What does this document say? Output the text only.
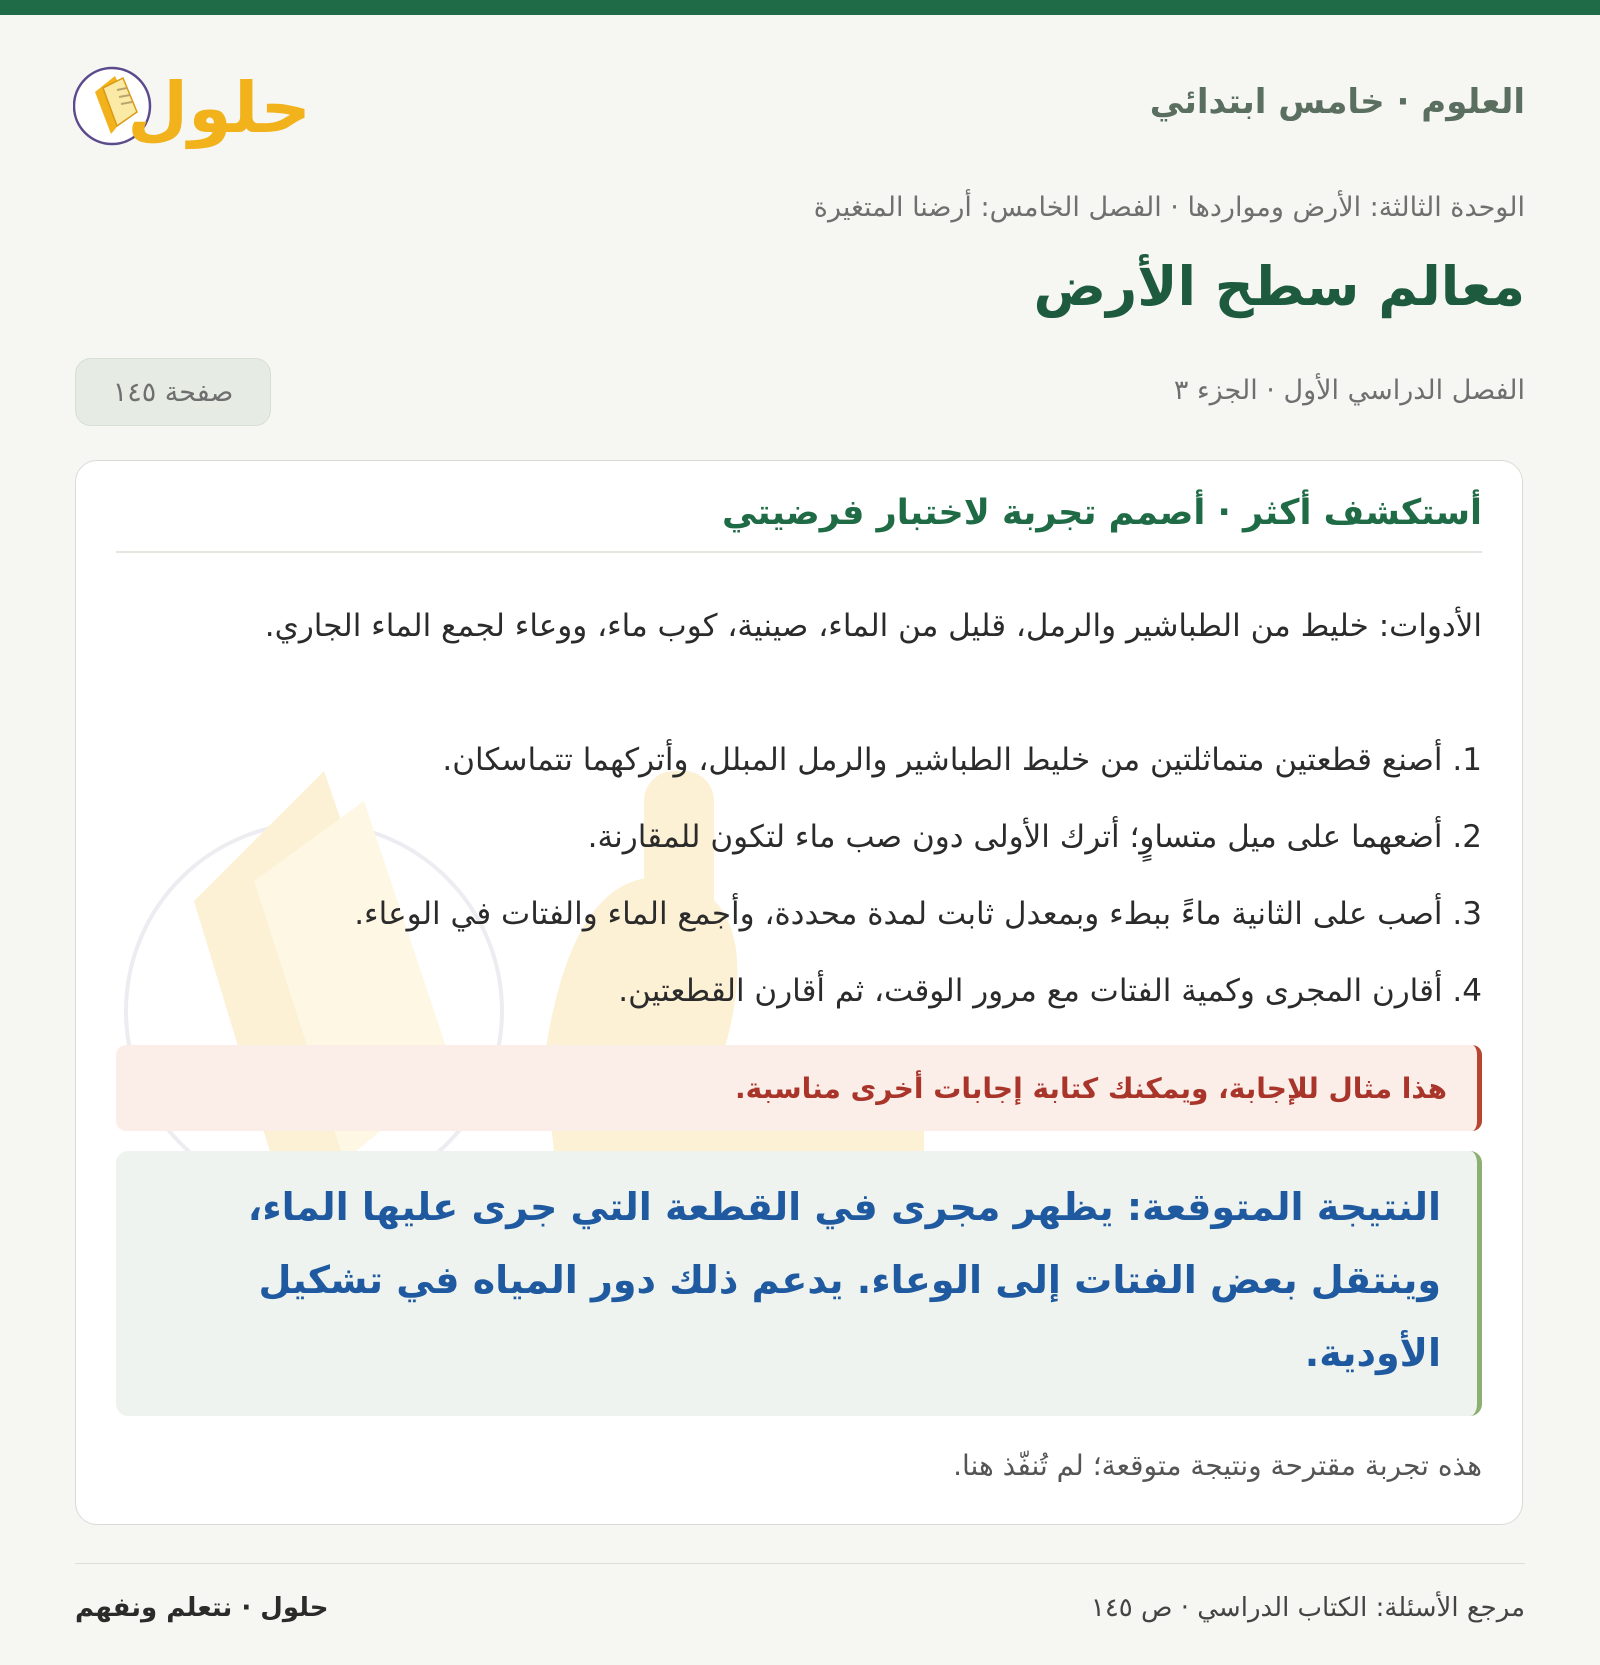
حلول	العلوم · خامس ابتدائي
الوحدة الثالثة: الأرض ومواردها · الفصل الخامس: أرضنا المتغيرة
معالم سطح الأرض
الفصل الدراسي الأول · الجزء ٣
صفحة ١٤٥
أستكشف أكثر · أصمم تجربة لاختبار فرضيتي

الأدوات: خليط من الطباشير والرمل، قليل من الماء، صينية، كوب ماء، ووعاء لجمع الماء الجاري.

1. أصنع قطعتين متماثلتين من خليط الطباشير والرمل المبلل، وأتركهما تتماسكان.
2. أضعهما على ميل متساوٍ؛ أترك الأولى دون صب ماء لتكون للمقارنة.
3. أصب على الثانية ماءً ببطء وبمعدل ثابت لمدة محددة، وأجمع الماء والفتات في الوعاء.
4. أقارن المجرى وكمية الفتات مع مرور الوقت، ثم أقارن القطعتين.
هذا مثال للإجابة، ويمكنك كتابة إجابات أخرى مناسبة.
النتيجة المتوقعة: يظهر مجرى في القطعة التي جرى عليها الماء، وينتقل بعض الفتات إلى الوعاء. يدعم ذلك دور المياه في تشكيل الأودية.
هذه تجربة مقترحة ونتيجة متوقعة؛ لم تُنفّذ هنا.
مرجع الأسئلة: الكتاب الدراسي · ص ١٤٥
حلول · نتعلم ونفهم
